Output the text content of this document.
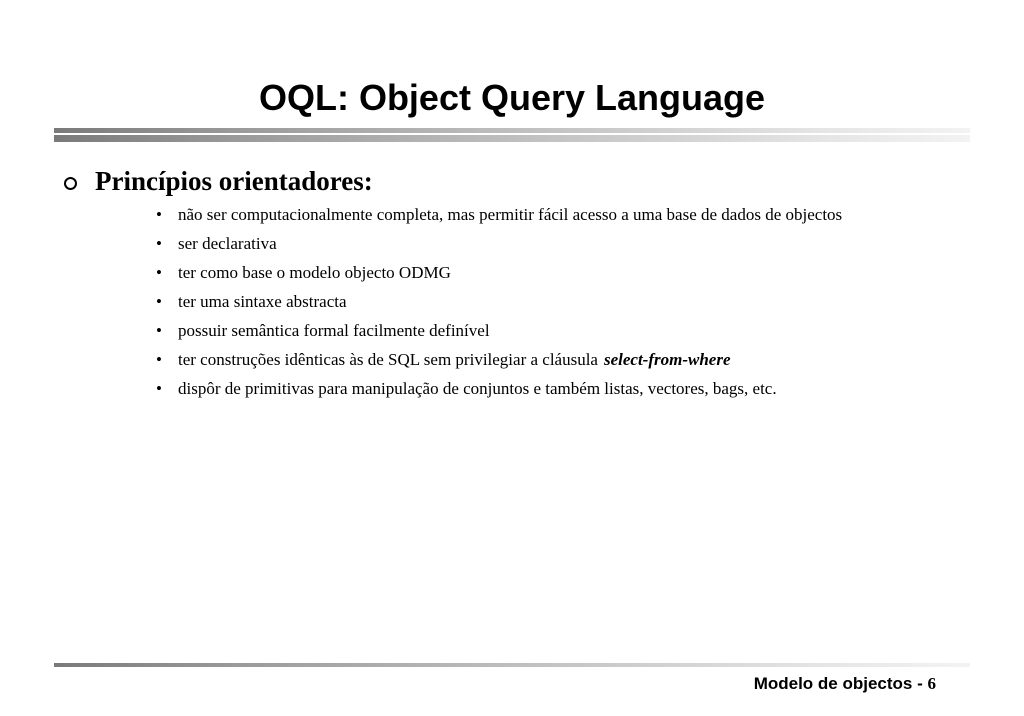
OQL: Object Query Language
Princípios orientadores:
• não ser computacionalmente completa, mas permitir fácil acesso a uma base de dados de objectos
• ser declarativa
• ter como base o modelo objecto ODMG
• ter uma sintaxe abstracta
• possuir semântica formal facilmente definível
• ter construções idênticas às de SQL sem privilegiar a cláusula select-from-where
• dispôr de primitivas para manipulação de conjuntos e também listas, vectores, bags, etc.
Modelo de objectos - 6
